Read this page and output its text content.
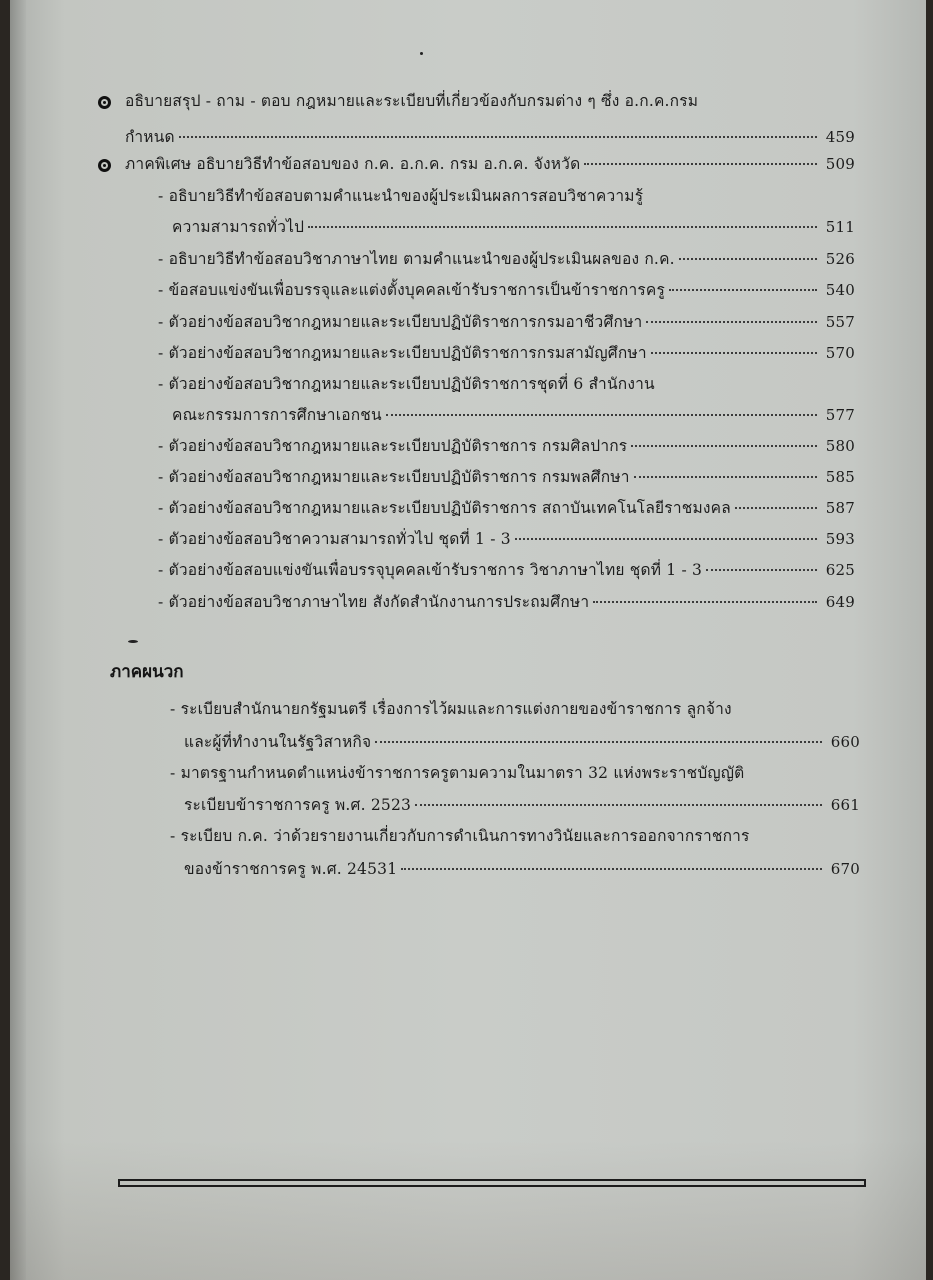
อธิบายสรุป - ถาม - ตอบ กฎหมายและระเบียบที่เกี่ยวข้องกับกรมต่าง ๆ ซึ่ง อ.ก.ค.กรม
กำหนด	459
ภาคพิเศษ อธิบายวิธีทำข้อสอบของ ก.ค. อ.ก.ค. กรม อ.ก.ค. จังหวัด	509
- อธิบายวิธีทำข้อสอบตามคำแนะนำของผู้ประเมินผลการสอบวิชาความรู้
ความสามารถทั่วไป	511
- อธิบายวิธีทำข้อสอบวิชาภาษาไทย ตามคำแนะนำของผู้ประเมินผลของ ก.ค.	526
- ข้อสอบแข่งขันเพื่อบรรจุและแต่งตั้งบุคคลเข้ารับราชการเป็นข้าราชการครู	540
- ตัวอย่างข้อสอบวิชากฎหมายและระเบียบปฏิบัติราชการกรมอาชีวศึกษา	557
- ตัวอย่างข้อสอบวิชากฎหมายและระเบียบปฏิบัติราชการกรมสามัญศึกษา	570
- ตัวอย่างข้อสอบวิชากฎหมายและระเบียบปฏิบัติราชการชุดที่ 6 สำนักงาน
คณะกรรมการการศึกษาเอกชน	577
- ตัวอย่างข้อสอบวิชากฎหมายและระเบียบปฏิบัติราชการ กรมศิลปากร	580
- ตัวอย่างข้อสอบวิชากฎหมายและระเบียบปฏิบัติราชการ กรมพลศึกษา	585
- ตัวอย่างข้อสอบวิชากฎหมายและระเบียบปฏิบัติราชการ สถาบันเทคโนโลยีราชมงคล	587
- ตัวอย่างข้อสอบวิชาความสามารถทั่วไป ชุดที่ 1 - 3	593
- ตัวอย่างข้อสอบแข่งขันเพื่อบรรจุบุคคลเข้ารับราชการ วิชาภาษาไทย ชุดที่ 1 - 3	625
- ตัวอย่างข้อสอบวิชาภาษาไทย สังกัดสำนักงานการประถมศึกษา	649
ภาคผนวก
- ระเบียบสำนักนายกรัฐมนตรี เรื่องการไว้ผมและการแต่งกายของข้าราชการ ลูกจ้าง
และผู้ที่ทำงานในรัฐวิสาหกิจ	660
- มาตรฐานกำหนดตำแหน่งข้าราชการครูตามความในมาตรา 32 แห่งพระราชบัญญัติ
ระเบียบข้าราชการครู พ.ศ. 2523	661
- ระเบียบ ก.ค. ว่าด้วยรายงานเกี่ยวกับการดำเนินการทางวินัยและการออกจากราชการ
ของข้าราชการครู พ.ศ. 24531	670
